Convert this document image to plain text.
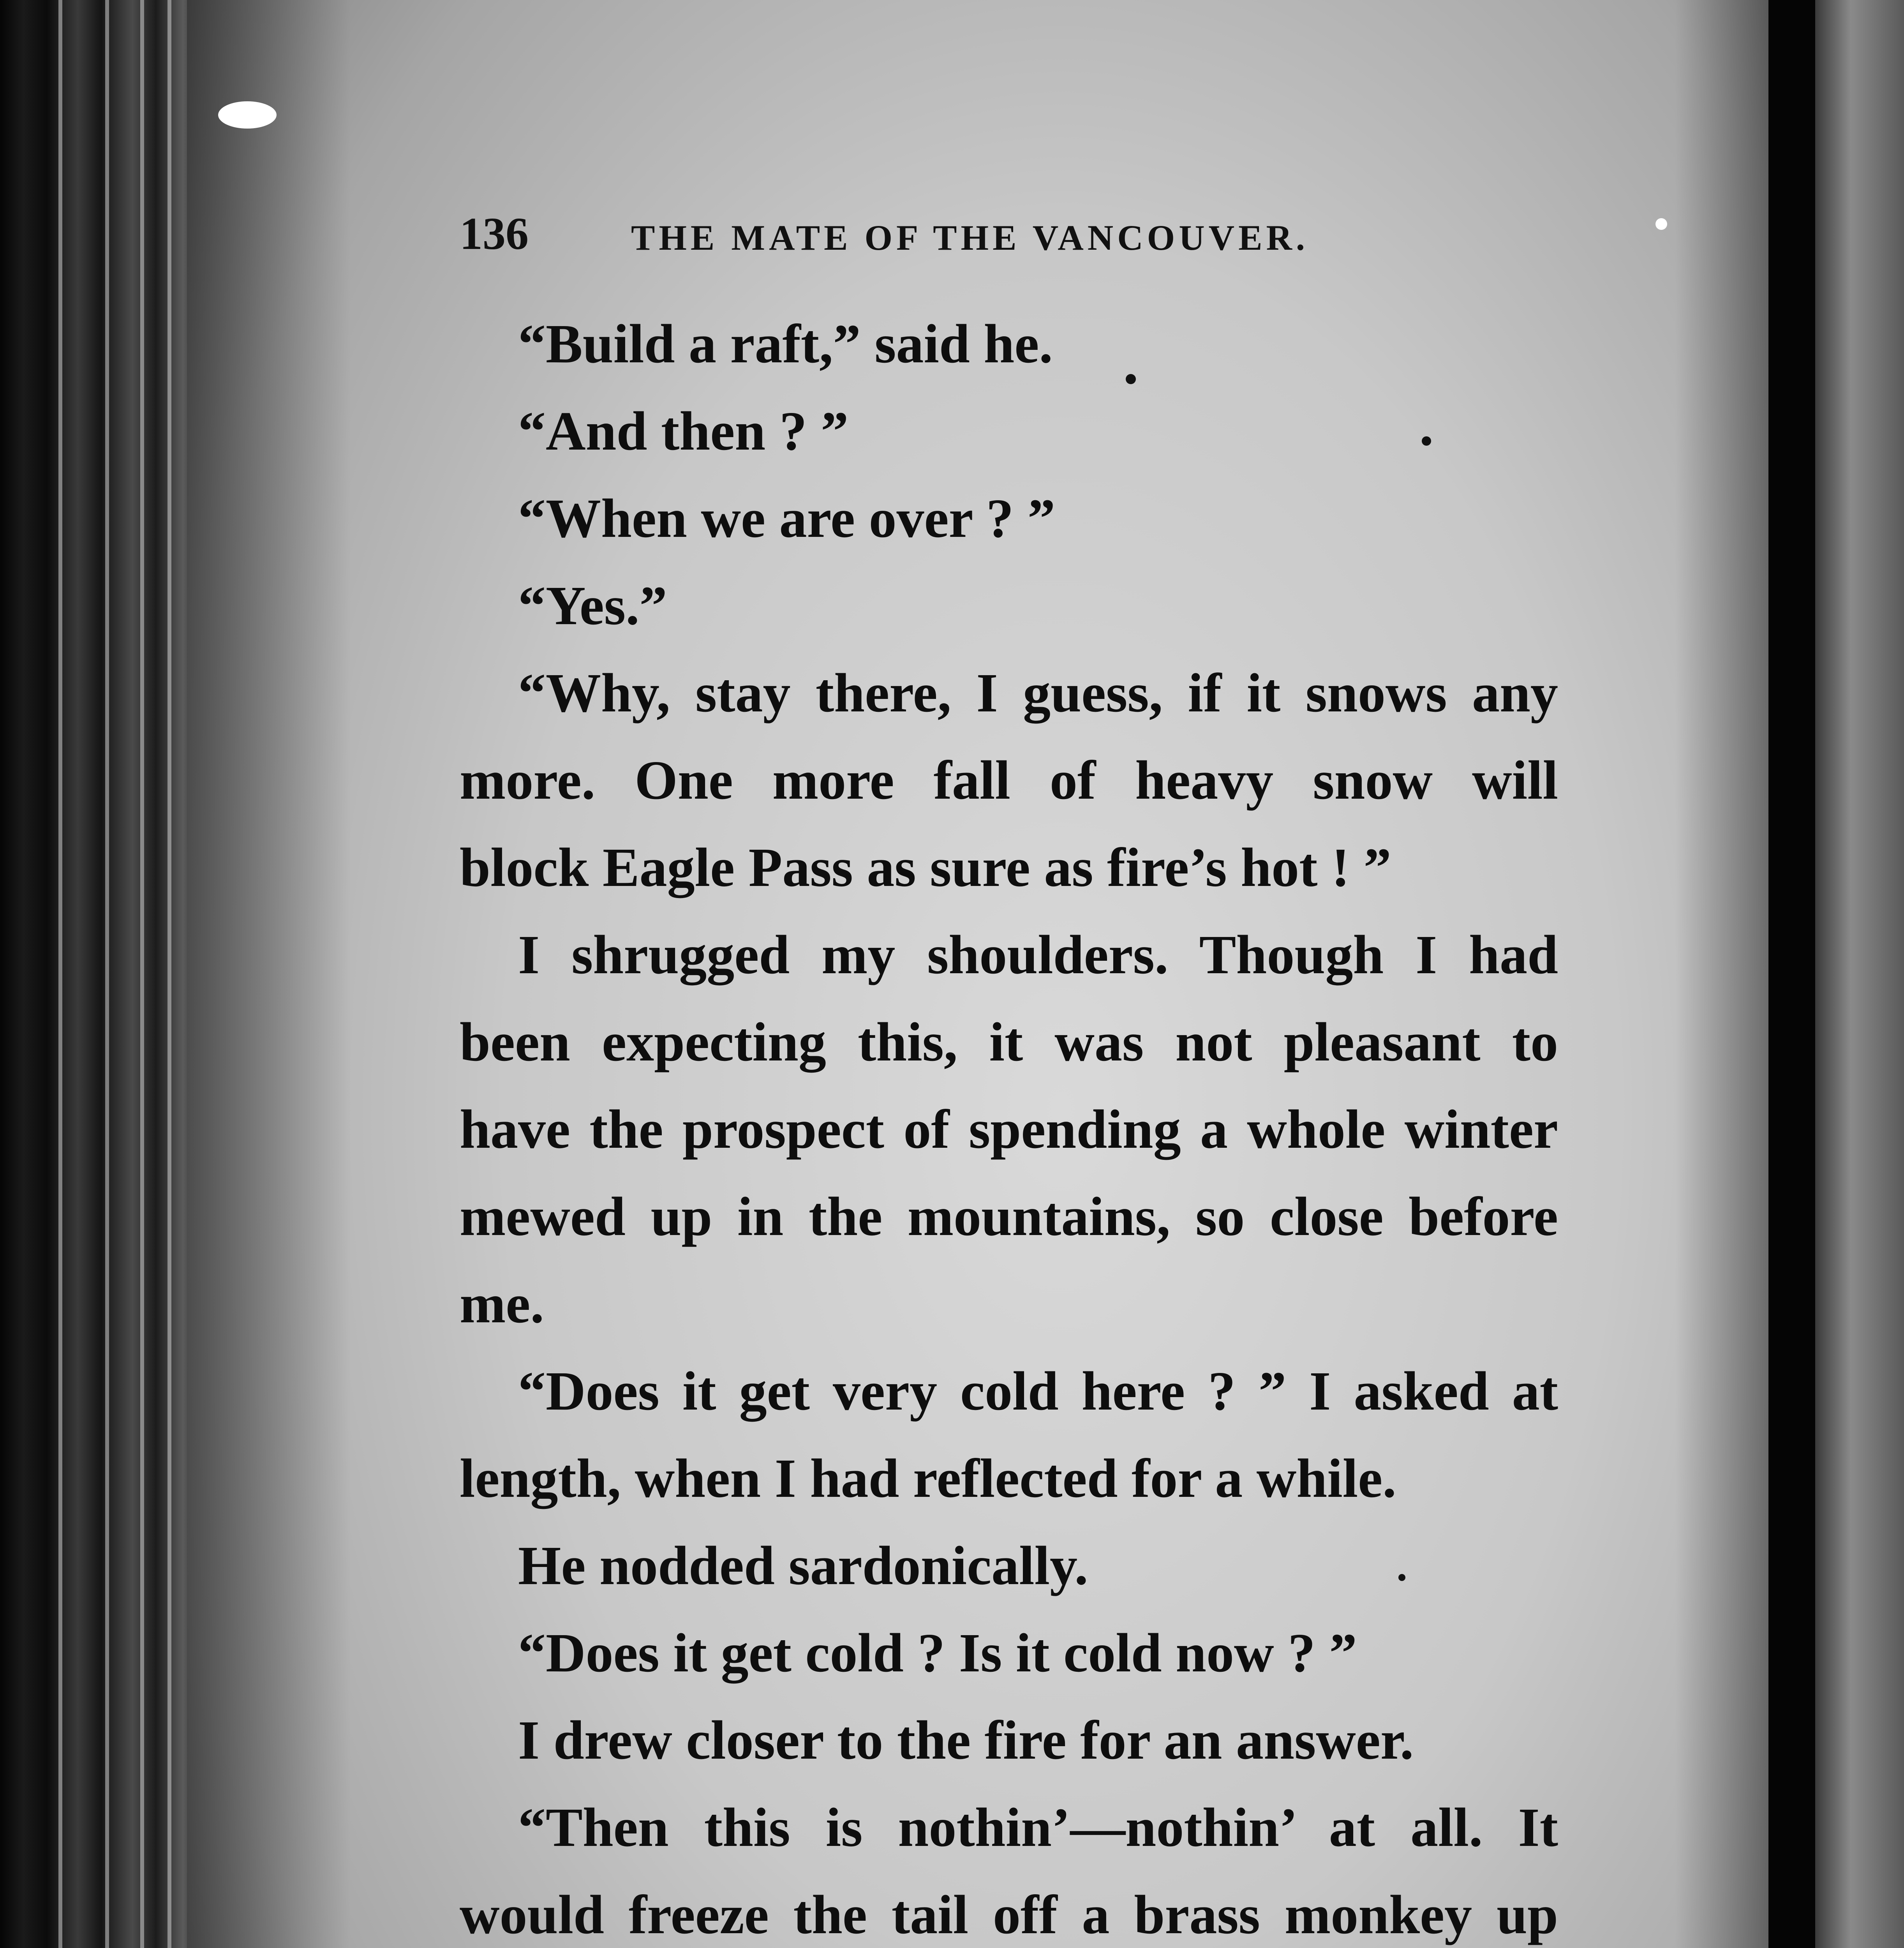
136	THE MATE OF THE VANCOUVER.
“Build a raft,” said he.
“And then ? ”
“When we are over ? ”
“Yes.”
“Why, stay there, I guess, if it snows any
more. One more fall of heavy snow will
block Eagle Pass as sure as fire’s hot ! ”
I shrugged my shoulders. Though I had
been expecting this, it was not pleasant to
have the prospect of spending a whole winter
mewed up in the mountains, so close before
me.
“Does it get very cold here ? ” I asked at
length, when I had reflected for a while.
He nodded sardonically.
“Does it get cold ? Is it cold now ? ”
I drew closer to the fire for an answer.
“Then this is nothin’—nothin’ at all. It
would freeze the tail off a brass monkey up
